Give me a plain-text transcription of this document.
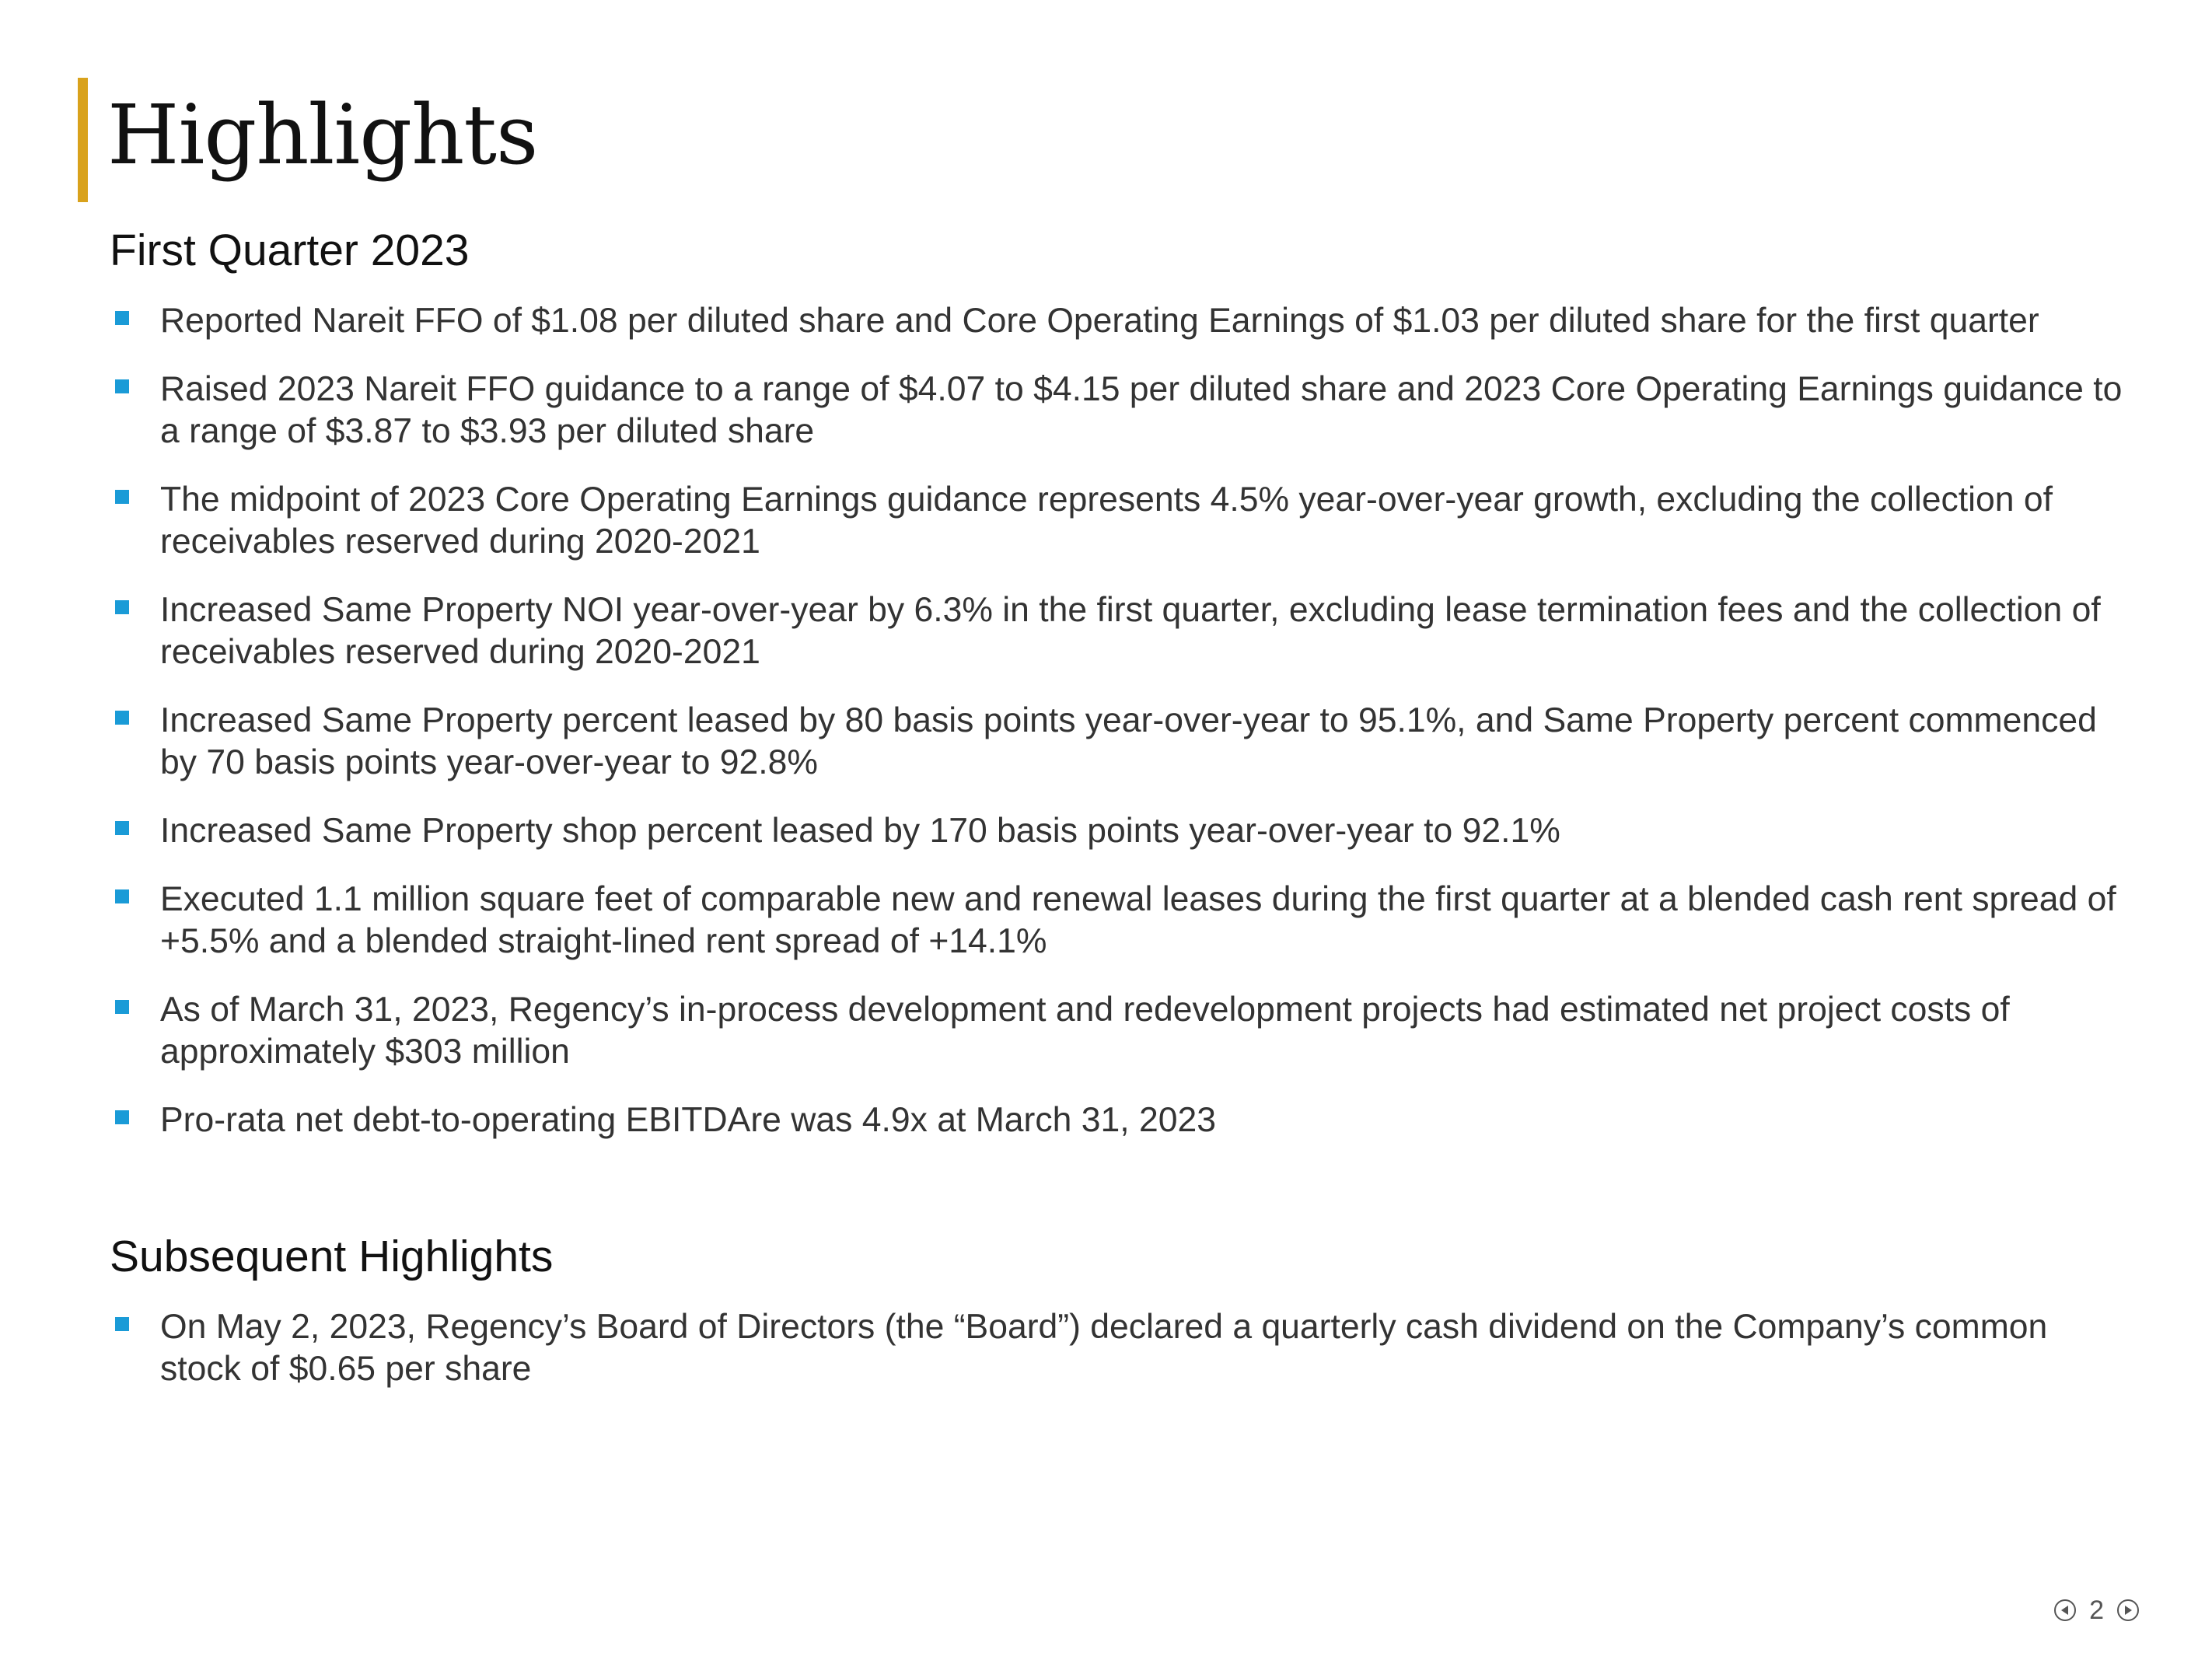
Highlights
First Quarter 2023
Reported Nareit FFO of $1.08 per diluted share and Core Operating Earnings of $1.03 per diluted share for the first quarter
Raised 2023 Nareit FFO guidance to a range of $4.07 to $4.15 per diluted share and 2023 Core Operating Earnings guidance to a range of $3.87 to $3.93 per diluted share
The midpoint of 2023 Core Operating Earnings guidance represents 4.5% year-over-year growth, excluding the collection of receivables reserved during 2020-2021
Increased Same Property NOI year-over-year by 6.3% in the first quarter, excluding lease termination fees and the collection of receivables reserved during 2020-2021
Increased Same Property percent leased by 80 basis points year-over-year to 95.1%, and Same Property percent commenced by 70 basis points year-over-year to 92.8%
Increased Same Property shop percent leased by 170 basis points year-over-year to 92.1%
Executed 1.1 million square feet of comparable new and renewal leases during the first quarter at a blended cash rent spread of +5.5% and a blended straight-lined rent spread of +14.1%
As of March 31, 2023, Regency’s in-process development and redevelopment projects had estimated net project costs of approximately $303 million
Pro-rata net debt-to-operating EBITDAre was 4.9x at March 31, 2023
Subsequent Highlights
On May 2, 2023, Regency’s Board of Directors (the “Board”) declared a quarterly cash dividend on the Company’s common stock of $0.65 per share
2
